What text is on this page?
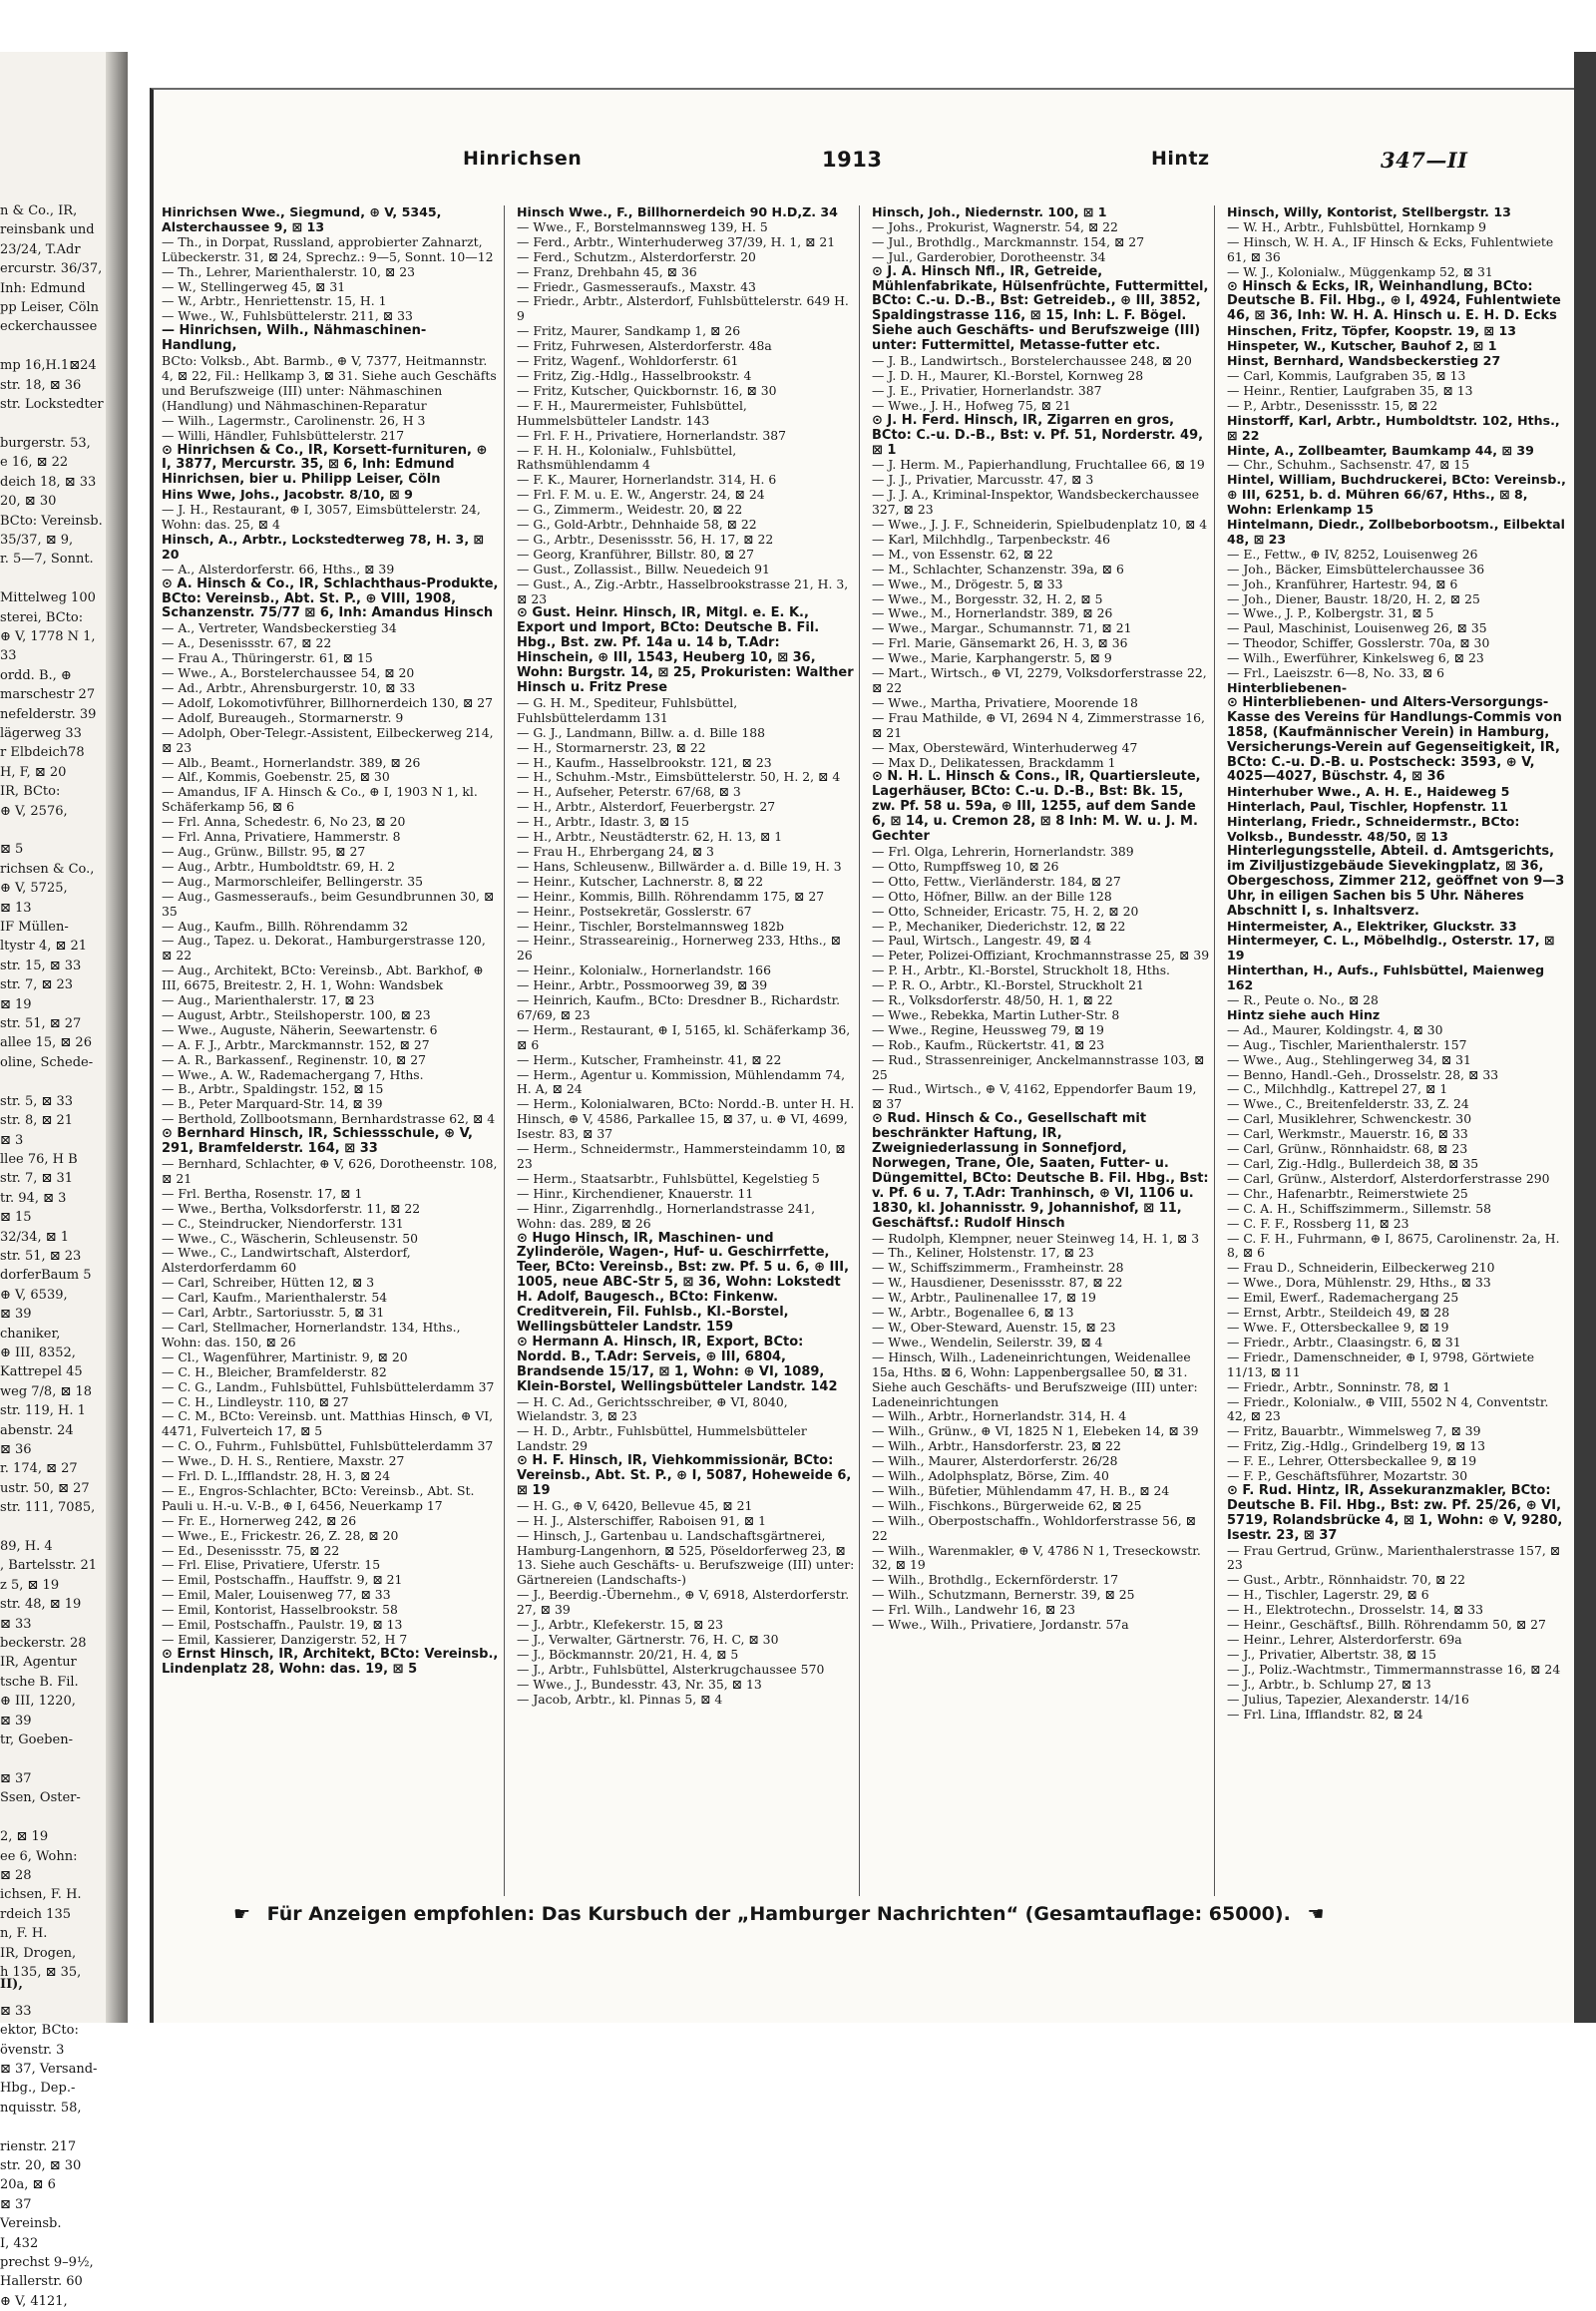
n & Co., IR,
reinsbank und
23/24, T.Adr
ercurstr. 36/37,
Inh: Edmund
pp Leiser, Cöln
eckerchaussee

mp 16,H.1⊠24
str. 18, ⊠ 36
str. Lockstedter

burgerstr. 53,
e 16, ⊠ 22
deich 18, ⊠ 33
20, ⊠ 30
BCto: Vereinsb.
35/37, ⊠ 9,
r. 5—7, Sonnt.

Mittelweg 100
sterei, BCto:
⊕ V, 1778 N 1,
33
ordd. B., ⊕
marschestr 27
nefelderstr. 39
lägerweg 33
r Elbdeich78
H, F, ⊠ 20
IR, BCto:
⊕ V, 2576,

⊠ 5
richsen & Co.,
⊕ V, 5725,
⊠ 13
IF Müllen-
ltystr 4, ⊠ 21
str. 15, ⊠ 33
str. 7, ⊠ 23
⊠ 19
str. 51, ⊠ 27
allee 15, ⊠ 26
oline, Schede-

str. 5, ⊠ 33
str. 8, ⊠ 21
⊠ 3
llee 76, H B
str. 7, ⊠ 31
tr. 94, ⊠ 3
⊠ 15
32/34, ⊠ 1
str. 51, ⊠ 23
dorferBaum 5
⊕ V, 6539,
⊠ 39
chaniker,
⊕ III, 8352,
Kattrepel 45
weg 7/8, ⊠ 18
str. 119, H. 1
abenstr. 24
⊠ 36
r. 174, ⊠ 27
ustr. 50, ⊠ 27
str. 111, 7085,

89, H. 4
, Bartelsstr. 21
z 5, ⊠ 19
str. 48, ⊠ 19
⊠ 33
beckerstr. 28
IR, Agentur
tsche B. Fil.
⊕ III, 1220,
⊠ 39
tr, Goeben-

⊠ 37
Ssen, Oster-

2, ⊠ 19
ee 6, Wohn:
⊠ 28
ichsen, F. H.
rdeich 135
n, F. H.
IR, Drogen,
h 135, ⊠ 35,

⊠ 33
ektor, BCto:
övenstr. 3
⊠ 37, Versand-
Hbg., Dep.-
nquisstr. 58,

rienstr. 217
str. 20, ⊠ 30
20a, ⊠ 6
⊠ 37
Vereinsb.
I, 432
prechst 9–9½,
Hallerstr. 60
⊕ V, 4121,
II),
Hinrichsen	1913	Hintz	347—II
Hinrichsen Wwe., Siegmund, ⊕ V, 5345, Alsterchaussee 9, ⊠ 13
— Th., in Dorpat, Russland, approbierter Zahnarzt, Lübeckerstr. 31, ⊠ 24, Sprechz.: 9—5, Sonnt. 10—12
— Th., Lehrer, Marienthalerstr. 10, ⊠ 23
— W., Stellingerweg 45, ⊠ 31
— W., Arbtr., Henriettenstr. 15, H. 1
— Wwe., W., Fuhlsbüttelerstr. 211, ⊠ 33
— Hinrichsen, Wilh., Nähmaschinen-Handlung,
BCto: Volksb., Abt. Barmb., ⊕ V, 7377, Heitmannstr. 4, ⊠ 22, Fil.: Hellkamp 3, ⊠ 31. Siehe auch Geschäfts und Berufszweige (III) unter: Nähmaschinen (Handlung) und Nähmaschinen-Reparatur
— Wilh., Lagermstr., Carolinenstr. 26, H 3
— Willi, Händler, Fuhlsbüttelerstr. 217
⊙ Hinrichsen & Co., IR, Korsett-furnituren, ⊕ I, 3877, Mercurstr. 35, ⊠ 6, Inh: Edmund Hinrichsen, bier u. Philipp Leiser, Cöln
Hins Wwe, Johs., Jacobstr. 8/10, ⊠ 9
— J. H., Restaurant, ⊕ I, 3057, Eimsbüttelerstr. 24, Wohn: das. 25, ⊠ 4
Hinsch, A., Arbtr., Lockstedterweg 78, H. 3, ⊠ 20
— A., Alsterdorferstr. 66, Hths., ⊠ 39
⊙ A. Hinsch & Co., IR, Schlachthaus-Produkte, BCto: Vereinsb., Abt. St. P., ⊕ VIII, 1908, Schanzenstr. 75/77 ⊠ 6, Inh: Amandus Hinsch
— A., Vertreter, Wandsbeckerstieg 34
— A., Desenissstr. 67, ⊠ 22
— Frau A., Thüringerstr. 61, ⊠ 15
— Wwe., A., Borstelerchaussee 54, ⊠ 20
— Ad., Arbtr., Ahrensburgerstr. 10, ⊠ 33
— Adolf, Lokomotivführer, Billhornerdeich 130, ⊠ 27
— Adolf, Bureaugeh., Stormarnerstr. 9
— Adolph, Ober-Telegr.-Assistent, Eilbeckerweg 214, ⊠ 23
— Alb., Beamt., Hornerlandstr. 389, ⊠ 26
— Alf., Kommis, Goebenstr. 25, ⊠ 30
— Amandus, IF A. Hinsch & Co., ⊕ I, 1903 N 1, kl. Schäferkamp 56, ⊠ 6
— Frl. Anna, Schedestr. 6, No 23, ⊠ 20
— Frl. Anna, Privatiere, Hammerstr. 8
— Aug., Grünw., Billstr. 95, ⊠ 27
— Aug., Arbtr., Humboldtstr. 69, H. 2
— Aug., Marmorschleifer, Bellingerstr. 35
— Aug., Gasmesseraufs., beim Gesundbrunnen 30, ⊠ 35
— Aug., Kaufm., Billh. Röhrendamm 32
— Aug., Tapez. u. Dekorat., Hamburgerstrasse 120, ⊠ 22
— Aug., Architekt, BCto: Vereinsb., Abt. Barkhof, ⊕ III, 6675, Breitestr. 2, H. 1, Wohn: Wandsbek
— Aug., Marienthalerstr. 17, ⊠ 23
— August, Arbtr., Steilshoperstr. 100, ⊠ 23
— Wwe., Auguste, Näherin, Seewartenstr. 6
— A. F. J., Arbtr., Marckmannstr. 152, ⊠ 27
— A. R., Barkassenf., Reginenstr. 10, ⊠ 27
— Wwe., A. W., Rademachergang 7, Hths.
— B., Arbtr., Spaldingstr. 152, ⊠ 15
— B., Peter Marquard-Str. 14, ⊠ 39
— Berthold, Zollbootsmann, Bernhardstrasse 62, ⊠ 4
⊙ Bernhard Hinsch, IR, Schiessschule, ⊕ V, 291, Bramfelderstr. 164, ⊠ 33
— Bernhard, Schlachter, ⊕ V, 626, Dorotheenstr. 108, ⊠ 21
— Frl. Bertha, Rosenstr. 17, ⊠ 1
— Wwe., Bertha, Volksdorferstr. 11, ⊠ 22
— C., Steindrucker, Niendorferstr. 131
— Wwe., C., Wäscherin, Schleusenstr. 50
— Wwe., C., Landwirtschaft, Alsterdorf, Alsterdorferdamm 60
— Carl, Schreiber, Hütten 12, ⊠ 3
— Carl, Kaufm., Marienthalerstr. 54
— Carl, Arbtr., Sartoriusstr. 5, ⊠ 31
— Carl, Stellmacher, Hornerlandstr. 134, Hths., Wohn: das. 150, ⊠ 26
— Cl., Wagenführer, Martinistr. 9, ⊠ 20
— C. H., Bleicher, Bramfelderstr. 82
— C. G., Landm., Fuhlsbüttel, Fuhlsbüttelerdamm 37
— C. H., Lindleystr. 110, ⊠ 27
— C. M., BCto: Vereinsb. unt. Matthias Hinsch, ⊕ VI, 4471, Fulverteich 17, ⊠ 5
— C. O., Fuhrm., Fuhlsbüttel, Fuhlsbüttelerdamm 37
— Wwe., D. H. S., Rentiere, Maxstr. 27
— Frl. D. L.,Ifflandstr. 28, H. 3, ⊠ 24
— E., Engros-Schlachter, BCto: Vereinsb., Abt. St. Pauli u. H.-u. V.-B., ⊕ I, 6456, Neuerkamp 17
— Fr. E., Hornerweg 242, ⊠ 26
— Wwe., E., Frickestr. 26, Z. 28, ⊠ 20
— Ed., Desenissstr. 75, ⊠ 22
— Frl. Elise, Privatiere, Uferstr. 15
— Emil, Postschaffn., Hauffstr. 9, ⊠ 21
— Emil, Maler, Louisenweg 77, ⊠ 33
— Emil, Kontorist, Hasselbrookstr. 58
— Emil, Postschaffn., Paulstr. 19, ⊠ 13
— Emil, Kassierer, Danzigerstr. 52, H 7
⊙ Ernst Hinsch, IR, Architekt, BCto: Vereinsb., Lindenplatz 28, Wohn: das. 19, ⊠ 5
Hinsch Wwe., F., Billhornerdeich 90 H.D,Z. 34
— Wwe., F., Borstelmannsweg 139, H. 5
— Ferd., Arbtr., Winterhuderweg 37/39, H. 1, ⊠ 21
— Ferd., Schutzm., Alsterdorferstr. 20
— Franz, Drehbahn 45, ⊠ 36
— Friedr., Gasmesseraufs., Maxstr. 43
— Friedr., Arbtr., Alsterdorf, Fuhlsbüttelerstr. 649 H. 9
— Fritz, Maurer, Sandkamp 1, ⊠ 26
— Fritz, Fuhrwesen, Alsterdorferstr. 48a
— Fritz, Wagenf., Wohldorferstr. 61
— Fritz, Zig.-Hdlg., Hasselbrookstr. 4
— Fritz, Kutscher, Quickbornstr. 16, ⊠ 30
— F. H., Maurermeister, Fuhlsbüttel, Hummelsbütteler Landstr. 143
— Frl. F. H., Privatiere, Hornerlandstr. 387
— F. H. H., Kolonialw., Fuhlsbüttel, Rathsmühlendamm 4
— F. K., Maurer, Hornerlandstr. 314, H. 6
— Frl. F. M. u. E. W., Angerstr. 24, ⊠ 24
— G., Zimmerm., Weidestr. 20, ⊠ 22
— G., Gold-Arbtr., Dehnhaide 58, ⊠ 22
— G., Arbtr., Desenissstr. 56, H. 17, ⊠ 22
— Georg, Kranführer, Billstr. 80, ⊠ 27
— Gust., Zollassist., Billw. Neuedeich 91
— Gust., A., Zig.-Arbtr., Hasselbrookstrasse 21, H. 3, ⊠ 23
⊙ Gust. Heinr. Hinsch, IR, Mitgl. e. E. K., Export und Import, BCto: Deutsche B. Fil. Hbg., Bst. zw. Pf. 14a u. 14 b, T.Adr: Hinschein, ⊕ III, 1543, Heuberg 10, ⊠ 36, Wohn: Burgstr. 14, ⊠ 25, Prokuristen: Walther Hinsch u. Fritz Prese
— G. H. M., Spediteur, Fuhlsbüttel, Fuhlsbüttelerdamm 131
— G. J., Landmann, Billw. a. d. Bille 188
— H., Stormarnerstr. 23, ⊠ 22
— H., Kaufm., Hasselbrookstr. 121, ⊠ 23
— H., Schuhm.-Mstr., Eimsbüttelerstr. 50, H. 2, ⊠ 4
— H., Aufseher, Peterstr. 67/68, ⊠ 3
— H., Arbtr., Alsterdorf, Feuerbergstr. 27
— H., Arbtr., Idastr. 3, ⊠ 15
— H., Arbtr., Neustädterstr. 62, H. 13, ⊠ 1
— Frau H., Ehrbergang 24, ⊠ 3
— Hans, Schleusenw., Billwärder a. d. Bille 19, H. 3
— Heinr., Kutscher, Lachnerstr. 8, ⊠ 22
— Heinr., Kommis, Billh. Röhrendamm 175, ⊠ 27
— Heinr., Postsekretär, Gosslerstr. 67
— Heinr., Tischler, Borstelmannsweg 182b
— Heinr., Strasseareinig., Hornerweg 233, Hths., ⊠ 26
— Heinr., Kolonialw., Hornerlandstr. 166
— Heinr., Arbtr., Possmoorweg 39, ⊠ 39
— Heinrich, Kaufm., BCto: Dresdner B., Richardstr. 67/69, ⊠ 23
— Herm., Restaurant, ⊕ I, 5165, kl. Schäferkamp 36, ⊠ 6
— Herm., Kutscher, Framheinstr. 41, ⊠ 22
— Herm., Agentur u. Kommission, Mühlendamm 74, H. A, ⊠ 24
— Herm., Kolonialwaren, BCto: Nordd.-B. unter H. H. Hinsch, ⊕ V, 4586, Parkallee 15, ⊠ 37, u. ⊕ VI, 4699, Isestr. 83, ⊠ 37
— Herm., Schneidermstr., Hammersteindamm 10, ⊠ 23
— Herm., Staatsarbtr., Fuhlsbüttel, Kegelstieg 5
— Hinr., Kirchendiener, Knauerstr. 11
— Hinr., Zigarrenhdlg., Hornerlandstrasse 241, Wohn: das. 289, ⊠ 26
⊙ Hugo Hinsch, IR, Maschinen- und Zylinderöle, Wagen-, Huf- u. Geschirrfette, Teer, BCto: Vereinsb., Bst: zw. Pf. 5 u. 6, ⊕ III, 1005, neue ABC-Str 5, ⊠ 36, Wohn: Lokstedt H. Adolf, Baugesch., BCto: Finkenw. Creditverein, Fil. Fuhlsb., Kl.-Borstel, Wellingsbütteler Landstr. 159
⊙ Hermann A. Hinsch, IR, Export, BCto: Nordd. B., T.Adr: Serveis, ⊕ III, 6804, Brandsende 15/17, ⊠ 1, Wohn: ⊕ VI, 1089, Klein-Borstel, Wellingsbütteler Landstr. 142
— H. C. Ad., Gerichtsschreiber, ⊕ VI, 8040, Wielandstr. 3, ⊠ 23
— H. D., Arbtr., Fuhlsbüttel, Hummelsbütteler Landstr. 29
⊙ H. F. Hinsch, IR, Viehkommissionär, BCto: Vereinsb., Abt. St. P., ⊕ I, 5087, Hoheweide 6, ⊠ 19
— H. G., ⊕ V, 6420, Bellevue 45, ⊠ 21
— H. J., Alsterschiffer, Raboisen 91, ⊠ 1
— Hinsch, J., Gartenbau u. Landschaftsgärtnerei, Hamburg-Langenhorn, ⊠ 525, Pöseldorferweg 23, ⊠ 13. Siehe auch Geschäfts- u. Berufszweige (III) unter: Gärtnereien (Landschafts-)
— J., Beerdig.-Übernehm., ⊕ V, 6918, Alsterdorferstr. 27, ⊠ 39
— J., Arbtr., Klefekerstr. 15, ⊠ 23
— J., Verwalter, Gärtnerstr. 76, H. C, ⊠ 30
— J., Böckmannstr. 20/21, H. 4, ⊠ 5
— J., Arbtr., Fuhlsbüttel, Alsterkrugchaussee 570
— Wwe., J., Bundesstr. 43, Nr. 35, ⊠ 13
— Jacob, Arbtr., kl. Pinnas 5, ⊠ 4
Hinsch, Joh., Niedernstr. 100, ⊠ 1
— Johs., Prokurist, Wagnerstr. 54, ⊠ 22
— Jul., Brothdlg., Marckmannstr. 154, ⊠ 27
— Jul., Garderobier, Dorotheenstr. 34
⊙ J. A. Hinsch Nfl., IR, Getreide, Mühlenfabrikate, Hülsenfrüchte, Futtermittel, BCto: C.-u. D.-B., Bst: Getreideb., ⊕ III, 3852, Spaldingstrasse 116, ⊠ 15, Inh: L. F. Bögel. Siehe auch Geschäfts- und Berufszweige (III) unter: Futtermittel, Metasse-futter etc.
— J. B., Landwirtsch., Borstelerchaussee 248, ⊠ 20
— J. D. H., Maurer, Kl.-Borstel, Kornweg 28
— J. E., Privatier, Hornerlandstr. 387
— Wwe., J. H., Hofweg 75, ⊠ 21
⊙ J. H. Ferd. Hinsch, IR, Zigarren en gros, BCto: C.-u. D.-B., Bst: v. Pf. 51, Norderstr. 49, ⊠ 1
— J. Herm. M., Papierhandlung, Fruchtallee 66, ⊠ 19
— J. J., Privatier, Marcusstr. 47, ⊠ 3
— J. J. A., Kriminal-Inspektor, Wandsbeckerchaussee 327, ⊠ 23
— Wwe., J. J. F., Schneiderin, Spielbudenplatz 10, ⊠ 4
— Karl, Milchhdlg., Tarpenbeckstr. 46
— M., von Essenstr. 62, ⊠ 22
— M., Schlachter, Schanzenstr. 39a, ⊠ 6
— Wwe., M., Drögestr. 5, ⊠ 33
— Wwe., M., Borgesstr. 32, H. 2, ⊠ 5
— Wwe., M., Hornerlandstr. 389, ⊠ 26
— Wwe., Margar., Schumannstr. 71, ⊠ 21
— Frl. Marie, Gänsemarkt 26, H. 3, ⊠ 36
— Wwe., Marie, Karphangerstr. 5, ⊠ 9
— Mart., Wirtsch., ⊕ VI, 2279, Volksdorferstrasse 22, ⊠ 22
— Wwe., Martha, Privatiere, Moorende 18
— Frau Mathilde, ⊕ VI, 2694 N 4, Zimmerstrasse 16, ⊠ 21
— Max, Oberstewärd, Winterhuderweg 47
— Max D., Delikatessen, Brackdamm 1
⊙ N. H. L. Hinsch & Cons., IR, Quartiersleute, Lagerhäuser, BCto: C.-u. D.-B., Bst: Bk. 15, zw. Pf. 58 u. 59a, ⊕ III, 1255, auf dem Sande 6, ⊠ 14, u. Cremon 28, ⊠ 8 Inh: M. W. u. J. M. Gechter
— Frl. Olga, Lehrerin, Hornerlandstr. 389
— Otto, Rumpffsweg 10, ⊠ 26
— Otto, Fettw., Vierländerstr. 184, ⊠ 27
— Otto, Höfner, Billw. an der Bille 128
— Otto, Schneider, Ericastr. 75, H. 2, ⊠ 20
— P., Mechaniker, Diederichstr. 12, ⊠ 22
— Paul, Wirtsch., Langestr. 49, ⊠ 4
— Peter, Polizei-Offiziant, Krochmannstrasse 25, ⊠ 39
— P. H., Arbtr., Kl.-Borstel, Struckholt 18, Hths.
— P. R. O., Arbtr., Kl.-Borstel, Struckholt 21
— R., Volksdorferstr. 48/50, H. 1, ⊠ 22
— Wwe., Rebekka, Martin Luther-Str. 8
— Wwe., Regine, Heussweg 79, ⊠ 19
— Rob., Kaufm., Rückertstr. 41, ⊠ 23
— Rud., Strassenreiniger, Anckelmannstrasse 103, ⊠ 25
— Rud., Wirtsch., ⊕ V, 4162, Eppendorfer Baum 19, ⊠ 37
⊙ Rud. Hinsch & Co., Gesellschaft mit beschränkter Haftung, IR, Zweigniederlassung in Sonnefjord, Norwegen, Trane, Öle, Saaten, Futter- u. Düngemittel, BCto: Deutsche B. Fil. Hbg., Bst: v. Pf. 6 u. 7, T.Adr: Tranhinsch, ⊕ VI, 1106 u. 1830, kl. Johannisstr. 9, Johannishof, ⊠ 11, Geschäftsf.: Rudolf Hinsch
— Rudolph, Klempner, neuer Steinweg 14, H. 1, ⊠ 3
— Th., Keliner, Holstenstr. 17, ⊠ 23
— W., Schiffszimmerm., Framheinstr. 28
— W., Hausdiener, Desenissstr. 87, ⊠ 22
— W., Arbtr., Paulinenallee 17, ⊠ 19
— W., Arbtr., Bogenallee 6, ⊠ 13
— W., Ober-Steward, Auenstr. 15, ⊠ 23
— Wwe., Wendelin, Seilerstr. 39, ⊠ 4
— Hinsch, Wilh., Ladeneinrichtungen, Weidenallee 15a, Hths. ⊠ 6, Wohn: Lappenbergsallee 50, ⊠ 31. Siehe auch Geschäfts- und Berufszweige (III) unter: Ladeneinrichtungen
— Wilh., Arbtr., Hornerlandstr. 314, H. 4
— Wilh., Grünw., ⊕ VI, 1825 N 1, Elebeken 14, ⊠ 39
— Wilh., Arbtr., Hansdorferstr. 23, ⊠ 22
— Wilh., Maurer, Alsterdorferstr. 26/28
— Wilh., Adolphsplatz, Börse, Zim. 40
— Wilh., Büfetier, Mühlendamm 47, H. B., ⊠ 24
— Wilh., Fischkons., Bürgerweide 62, ⊠ 25
— Wilh., Oberpostschaffn., Wohldorferstrasse 56, ⊠ 22
— Wilh., Warenmakler, ⊕ V, 4786 N 1, Treseckowstr. 32, ⊠ 19
— Wilh., Brothdlg., Eckernförderstr. 17
— Wilh., Schutzmann, Bernerstr. 39, ⊠ 25
— Frl. Wilh., Landwehr 16, ⊠ 23
— Wwe., Wilh., Privatiere, Jordanstr. 57a
Hinsch, Willy, Kontorist, Stellbergstr. 13
— W. H., Arbtr., Fuhlsbüttel, Hornkamp 9
— Hinsch, W. H. A., IF Hinsch & Ecks, Fuhlentwiete 61, ⊠ 36
— W. J., Kolonialw., Müggenkamp 52, ⊠ 31
⊙ Hinsch & Ecks, IR, Weinhandlung, BCto: Deutsche B. Fil. Hbg., ⊕ I, 4924, Fuhlentwiete 46, ⊠ 36, Inh: W. H. A. Hinsch u. E. H. D. Ecks
Hinschen, Fritz, Töpfer, Koopstr. 19, ⊠ 13
Hinspeter, W., Kutscher, Bauhof 2, ⊠ 1
Hinst, Bernhard, Wandsbeckerstieg 27
— Carl, Kommis, Laufgraben 35, ⊠ 13
— Heinr., Rentier, Laufgraben 35, ⊠ 13
— P., Arbtr., Desenissstr. 15, ⊠ 22
Hinstorff, Karl, Arbtr., Humboldtstr. 102, Hths., ⊠ 22
Hinte, A., Zollbeamter, Baumkamp 44, ⊠ 39
— Chr., Schuhm., Sachsenstr. 47, ⊠ 15
Hintel, William, Buchdruckerei, BCto: Vereinsb., ⊕ III, 6251, b. d. Mühren 66/67, Hths., ⊠ 8, Wohn: Erlenkamp 15
Hintelmann, Diedr., Zollbeborbootsm., Eilbektal 48, ⊠ 23
— E., Fettw., ⊕ IV, 8252, Louisenweg 26
— Joh., Bäcker, Eimsbüttelerchaussee 36
— Joh., Kranführer, Hartestr. 94, ⊠ 6
— Joh., Diener, Baustr. 18/20, H. 2, ⊠ 25
— Wwe., J. P., Kolbergstr. 31, ⊠ 5
— Paul, Maschinist, Louisenweg 26, ⊠ 35
— Theodor, Schiffer, Gosslerstr. 70a, ⊠ 30
— Wilh., Ewerführer, Kinkelsweg 6, ⊠ 23
— Frl., Laeiszstr. 6—8, No. 33, ⊠ 6
Hinterbliebenen-
⊙ Hinterbliebenen- und Alters-Versorgungs-Kasse des Vereins für Handlungs-Commis von 1858, (Kaufmännischer Verein) in Hamburg, Versicherungs-Verein auf Gegenseitigkeit, IR, BCto: C.-u. D.-B. u. Postscheck: 3593, ⊕ V, 4025—4027, Büschstr. 4, ⊠ 36
Hinterhuber Wwe., A. H. E., Haideweg 5
Hinterlach, Paul, Tischler, Hopfenstr. 11
Hinterlang, Friedr., Schneidermstr., BCto: Volksb., Bundesstr. 48/50, ⊠ 13
Hinterlegungsstelle, Abteil. d. Amtsgerichts, im Ziviljustizgebäude Sievekingplatz, ⊠ 36, Obergeschoss, Zimmer 212, geöffnet von 9—3 Uhr, in eiligen Sachen bis 5 Uhr. Näheres Abschnitt I, s. Inhaltsverz.
Hintermeister, A., Elektriker, Gluckstr. 33
Hintermeyer, C. L., Möbelhdlg., Osterstr. 17, ⊠ 19
Hinterthan, H., Aufs., Fuhlsbüttel, Maienweg 162
— R., Peute o. No., ⊠ 28
Hintz siehe auch Hinz
— Ad., Maurer, Koldingstr. 4, ⊠ 30
— Aug., Tischler, Marienthalerstr. 157
— Wwe., Aug., Stehlingerweg 34, ⊠ 31
— Benno, Handl.-Geh., Drosselstr. 28, ⊠ 33
— C., Milchhdlg., Kattrepel 27, ⊠ 1
— Wwe., C., Breitenfelderstr. 33, Z. 24
— Carl, Musiklehrer, Schwenckestr. 30
— Carl, Werkmstr., Mauerstr. 16, ⊠ 33
— Carl, Grünw., Rönnhaidstr. 68, ⊠ 23
— Carl, Zig.-Hdlg., Bullerdeich 38, ⊠ 35
— Carl, Grünw., Alsterdorf, Alsterdorferstrasse 290
— Chr., Hafenarbtr., Reimerstwiete 25
— C. A. H., Schiffszimmerm., Sillemstr. 58
— C. F. F., Rossberg 11, ⊠ 23
— C. F. H., Fuhrmann, ⊕ I, 8675, Carolinenstr. 2a, H. 8, ⊠ 6
— Frau D., Schneiderin, Eilbeckerweg 210
— Wwe., Dora, Mühlenstr. 29, Hths., ⊠ 33
— Emil, Ewerf., Rademachergang 25
— Ernst, Arbtr., Steildeich 49, ⊠ 28
— Wwe. F., Ottersbeckallee 9, ⊠ 19
— Friedr., Arbtr., Claasingstr. 6, ⊠ 31
— Friedr., Damenschneider, ⊕ I, 9798, Görtwiete 11/13, ⊠ 11
— Friedr., Arbtr., Sonninstr. 78, ⊠ 1
— Friedr., Kolonialw., ⊕ VIII, 5502 N 4, Conventstr. 42, ⊠ 23
— Fritz, Bauarbtr., Wimmelsweg 7, ⊠ 39
— Fritz, Zig.-Hdlg., Grindelberg 19, ⊠ 13
— F. E., Lehrer, Ottersbeckallee 9, ⊠ 19
— F. P., Geschäftsführer, Mozartstr. 30
⊙ F. Rud. Hintz, IR, Assekuranzmakler, BCto: Deutsche B. Fil. Hbg., Bst: zw. Pf. 25/26, ⊕ VI, 5719, Rolandsbrücke 4, ⊠ 1, Wohn: ⊕ V, 9280, Isestr. 23, ⊠ 37
— Frau Gertrud, Grünw., Marienthalerstrasse 157, ⊠ 23
— Gust., Arbtr., Rönnhaidstr. 70, ⊠ 22
— H., Tischler, Lagerstr. 29, ⊠ 6
— H., Elektrotechn., Drosselstr. 14, ⊠ 33
— Heinr., Geschäftsf., Billh. Röhrendamm 50, ⊠ 27
— Heinr., Lehrer, Alsterdorferstr. 69a
— J., Privatier, Albertstr. 38, ⊠ 15
— J., Poliz.-Wachtmstr., Timmermannstrasse 16, ⊠ 24
— J., Arbtr., b. Schlump 27, ⊠ 13
— Julius, Tapezier, Alexanderstr. 14/16
— Frl. Lina, Ifflandstr. 82, ⊠ 24
☛ Für Anzeigen empfohlen: Das Kursbuch der „Hamburger Nachrichten“ (Gesamtauflage: 65000). ☚
